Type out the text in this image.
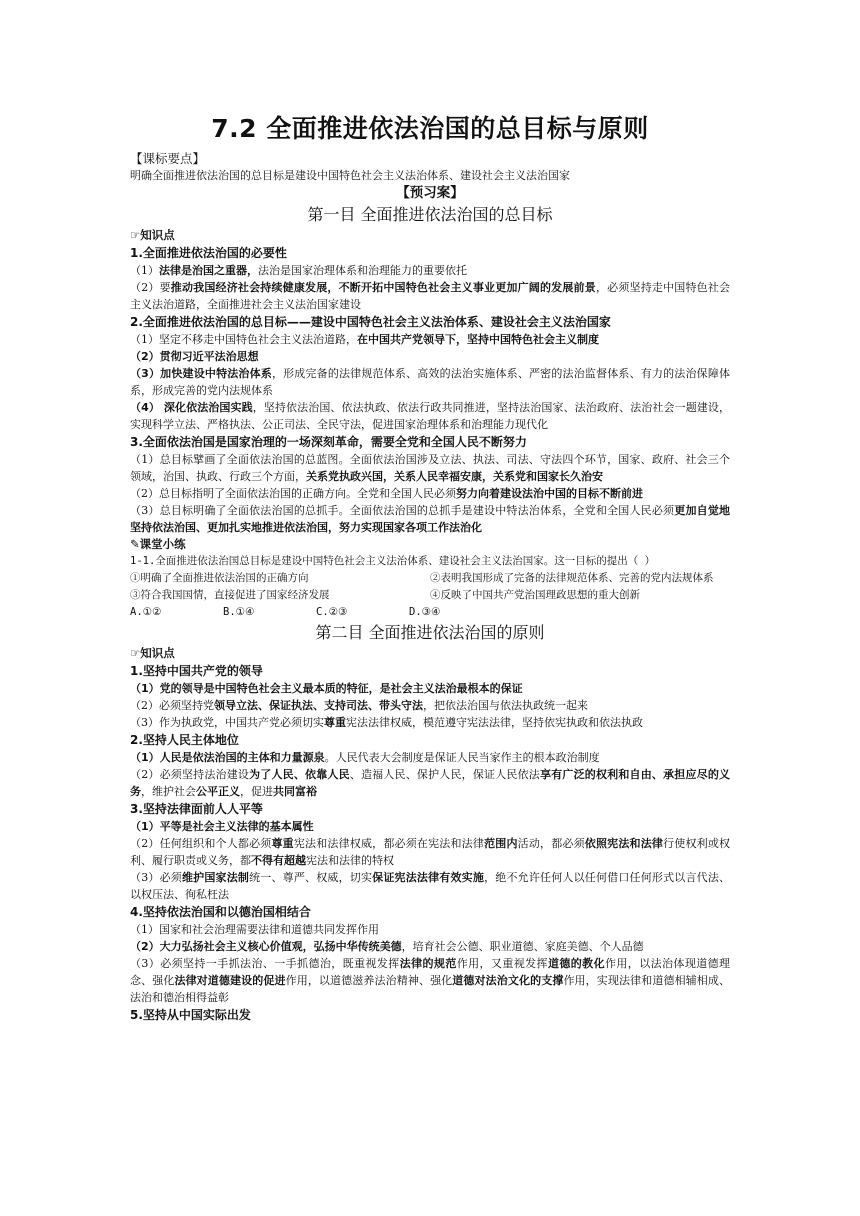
7.2 全面推进依法治国的总目标与原则
【课标要点】
明确全面推进依法治国的总目标是建设中国特色社会主义法治体系、建设社会主义法治国家
【预习案】
第一目 全面推进依法治国的总目标
☞知识点
1.全面推进依法治国的必要性
（1）法律是治国之重器，法治是国家治理体系和治理能力的重要依托
（2）要推动我国经济社会持续健康发展，不断开拓中国特色社会主义事业更加广阔的发展前景，必须坚持走中国特色社会主义法治道路，全面推进社会主义法治国家建设
2.全面推进依法治国的总目标——建设中国特色社会主义法治体系、建设社会主义法治国家
（1）坚定不移走中国特色社会主义法治道路，在中国共产党领导下，坚持中国特色社会主义制度
（2）贯彻习近平法治思想
（3）加快建设中特法治体系，形成完备的法律规范体系、高效的法治实施体系、严密的法治监督体系、有力的法治保障体系，形成完善的党内法规体系
（4） 深化依法治国实践，坚持依法治国、依法执政、依法行政共同推进，坚持法治国家、法治政府、法治社会一题建设，实现科学立法、严格执法、公正司法、全民守法，促进国家治理体系和治理能力现代化
3.全面依法治国是国家治理的一场深刻革命，需要全党和全国人民不断努力
（1）总目标擘画了全面依法治国的总蓝图。全面依法治国涉及立法、执法、司法、守法四个环节，国家、政府、社会三个领域，治国、执政、行政三个方面，关系党执政兴国，关系人民幸福安康，关系党和国家长久治安
（2）总目标指明了全面依法治国的正确方向。全党和全国人民必须努力向着建设法治中国的目标不断前进
（3）总目标明确了全面依法治国的总抓手。全面依法治国的总抓手是建设中特法治体系，全党和全国人民必须更加自觉地坚持依法治国、更加扎实地推进依法治国，努力实现国家各项工作法治化
✎课堂小练
1-1.全面推进依法治国总目标是建设中国特色社会主义法治体系、建设社会主义法治国家。这一目标的提出（ ）
①明确了全面推进依法治国的正确方向	②表明我国形成了完备的法律规范体系、完善的党内法规体系
③符合我国国情，直接促进了国家经济发展	④反映了中国共产党治国理政思想的重大创新
A.①②	B.①④	C.②③	D.③④
第二目 全面推进依法治国的原则
☞知识点
1.坚持中国共产党的领导
（1）党的领导是中国特色社会主义最本质的特征，是社会主义法治最根本的保证
（2）必须坚持党领导立法、保证执法、支持司法、带头守法，把依法治国与依法执政统一起来
（3）作为执政党，中国共产党必须切实尊重宪法法律权威，模范遵守宪法法律，坚持依宪执政和依法执政
2.坚持人民主体地位
（1）人民是依法治国的主体和力量源泉。人民代表大会制度是保证人民当家作主的根本政治制度
（2）必须坚持法治建设为了人民、依靠人民、造福人民、保护人民，保证人民依法享有广泛的权利和自由、承担应尽的义务，维护社会公平正义，促进共同富裕
3.坚持法律面前人人平等
（1）平等是社会主义法律的基本属性
（2）任何组织和个人都必须尊重宪法和法律权威，都必须在宪法和法律范围内活动，都必须依照宪法和法律行使权利或权利、履行职责或义务，都不得有超越宪法和法律的特权
（3）必须维护国家法制统一、尊严、权威，切实保证宪法法律有效实施，绝不允许任何人以任何借口任何形式以言代法、以权压法、徇私枉法
4.坚持依法治国和以德治国相结合
（1）国家和社会治理需要法律和道德共同发挥作用
（2）大力弘扬社会主义核心价值观，弘扬中华传统美德，培育社会公德、职业道德、家庭美德、个人品德
（3）必须坚持一手抓法治、一手抓德治，既重视发挥法律的规范作用，又重视发挥道德的教化作用，以法治体现道德理念、强化法律对道德建设的促进作用，以道德滋养法治精神、强化道德对法治文化的支撑作用，实现法律和道德相辅相成、法治和德治相得益彰
5.坚持从中国实际出发
